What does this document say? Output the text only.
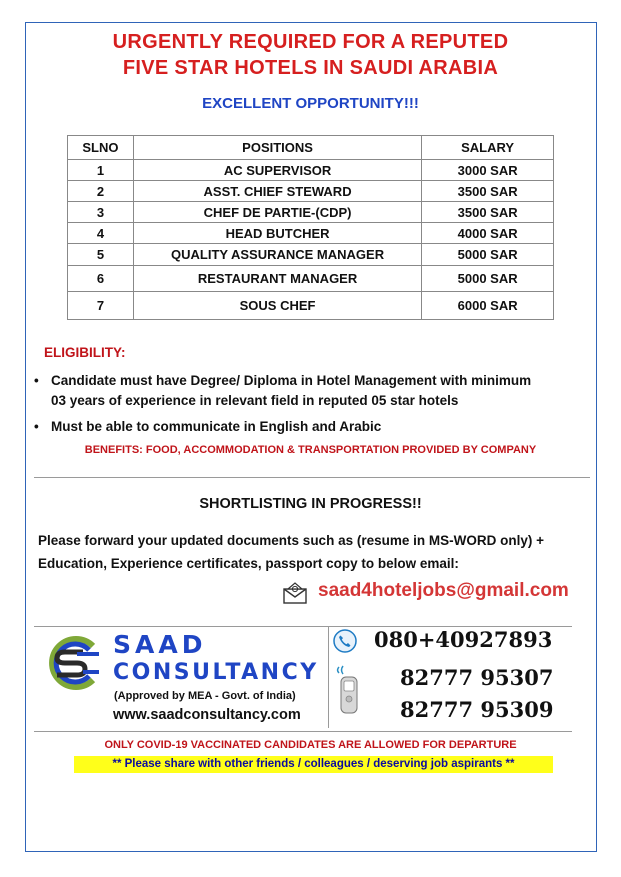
URGENTLY REQUIRED FOR A REPUTED
FIVE STAR HOTELS IN SAUDI ARABIA
EXCELLENT OPPORTUNITY!!!
SLNO	POSITIONS	SALARY
1	AC SUPERVISOR	3000 SAR
2	ASST. CHIEF STEWARD	3500 SAR
3	CHEF DE PARTIE-(CDP)	3500 SAR
4	HEAD BUTCHER	4000 SAR
5	QUALITY ASSURANCE MANAGER	5000 SAR
6	RESTAURANT MANAGER	5000 SAR
7	SOUS CHEF	6000 SAR
ELIGIBILITY:
• Candidate must have Degree/ Diploma in Hotel Management with minimum
03 years of experience in relevant field in reputed 05 star hotels
• Must be able to communicate in English and Arabic
BENEFITS: FOOD, ACCOMMODATION & TRANSPORTATION PROVIDED BY COMPANY
SHORTLISTING IN PROGRESS!!
Please forward your updated documents such as (resume in MS-WORD only) +
Education, Experience certificates, passport copy to below email:
saad4hoteljobs@gmail.com
SAAD
CONSULTANCY
(Approved by MEA - Govt. of India)
www.saadconsultancy.com
080+40927893
82777 95307
82777 95309
ONLY COVID-19 VACCINATED CANDIDATES ARE ALLOWED FOR DEPARTURE
** Please share with other friends / colleagues / deserving job aspirants **
